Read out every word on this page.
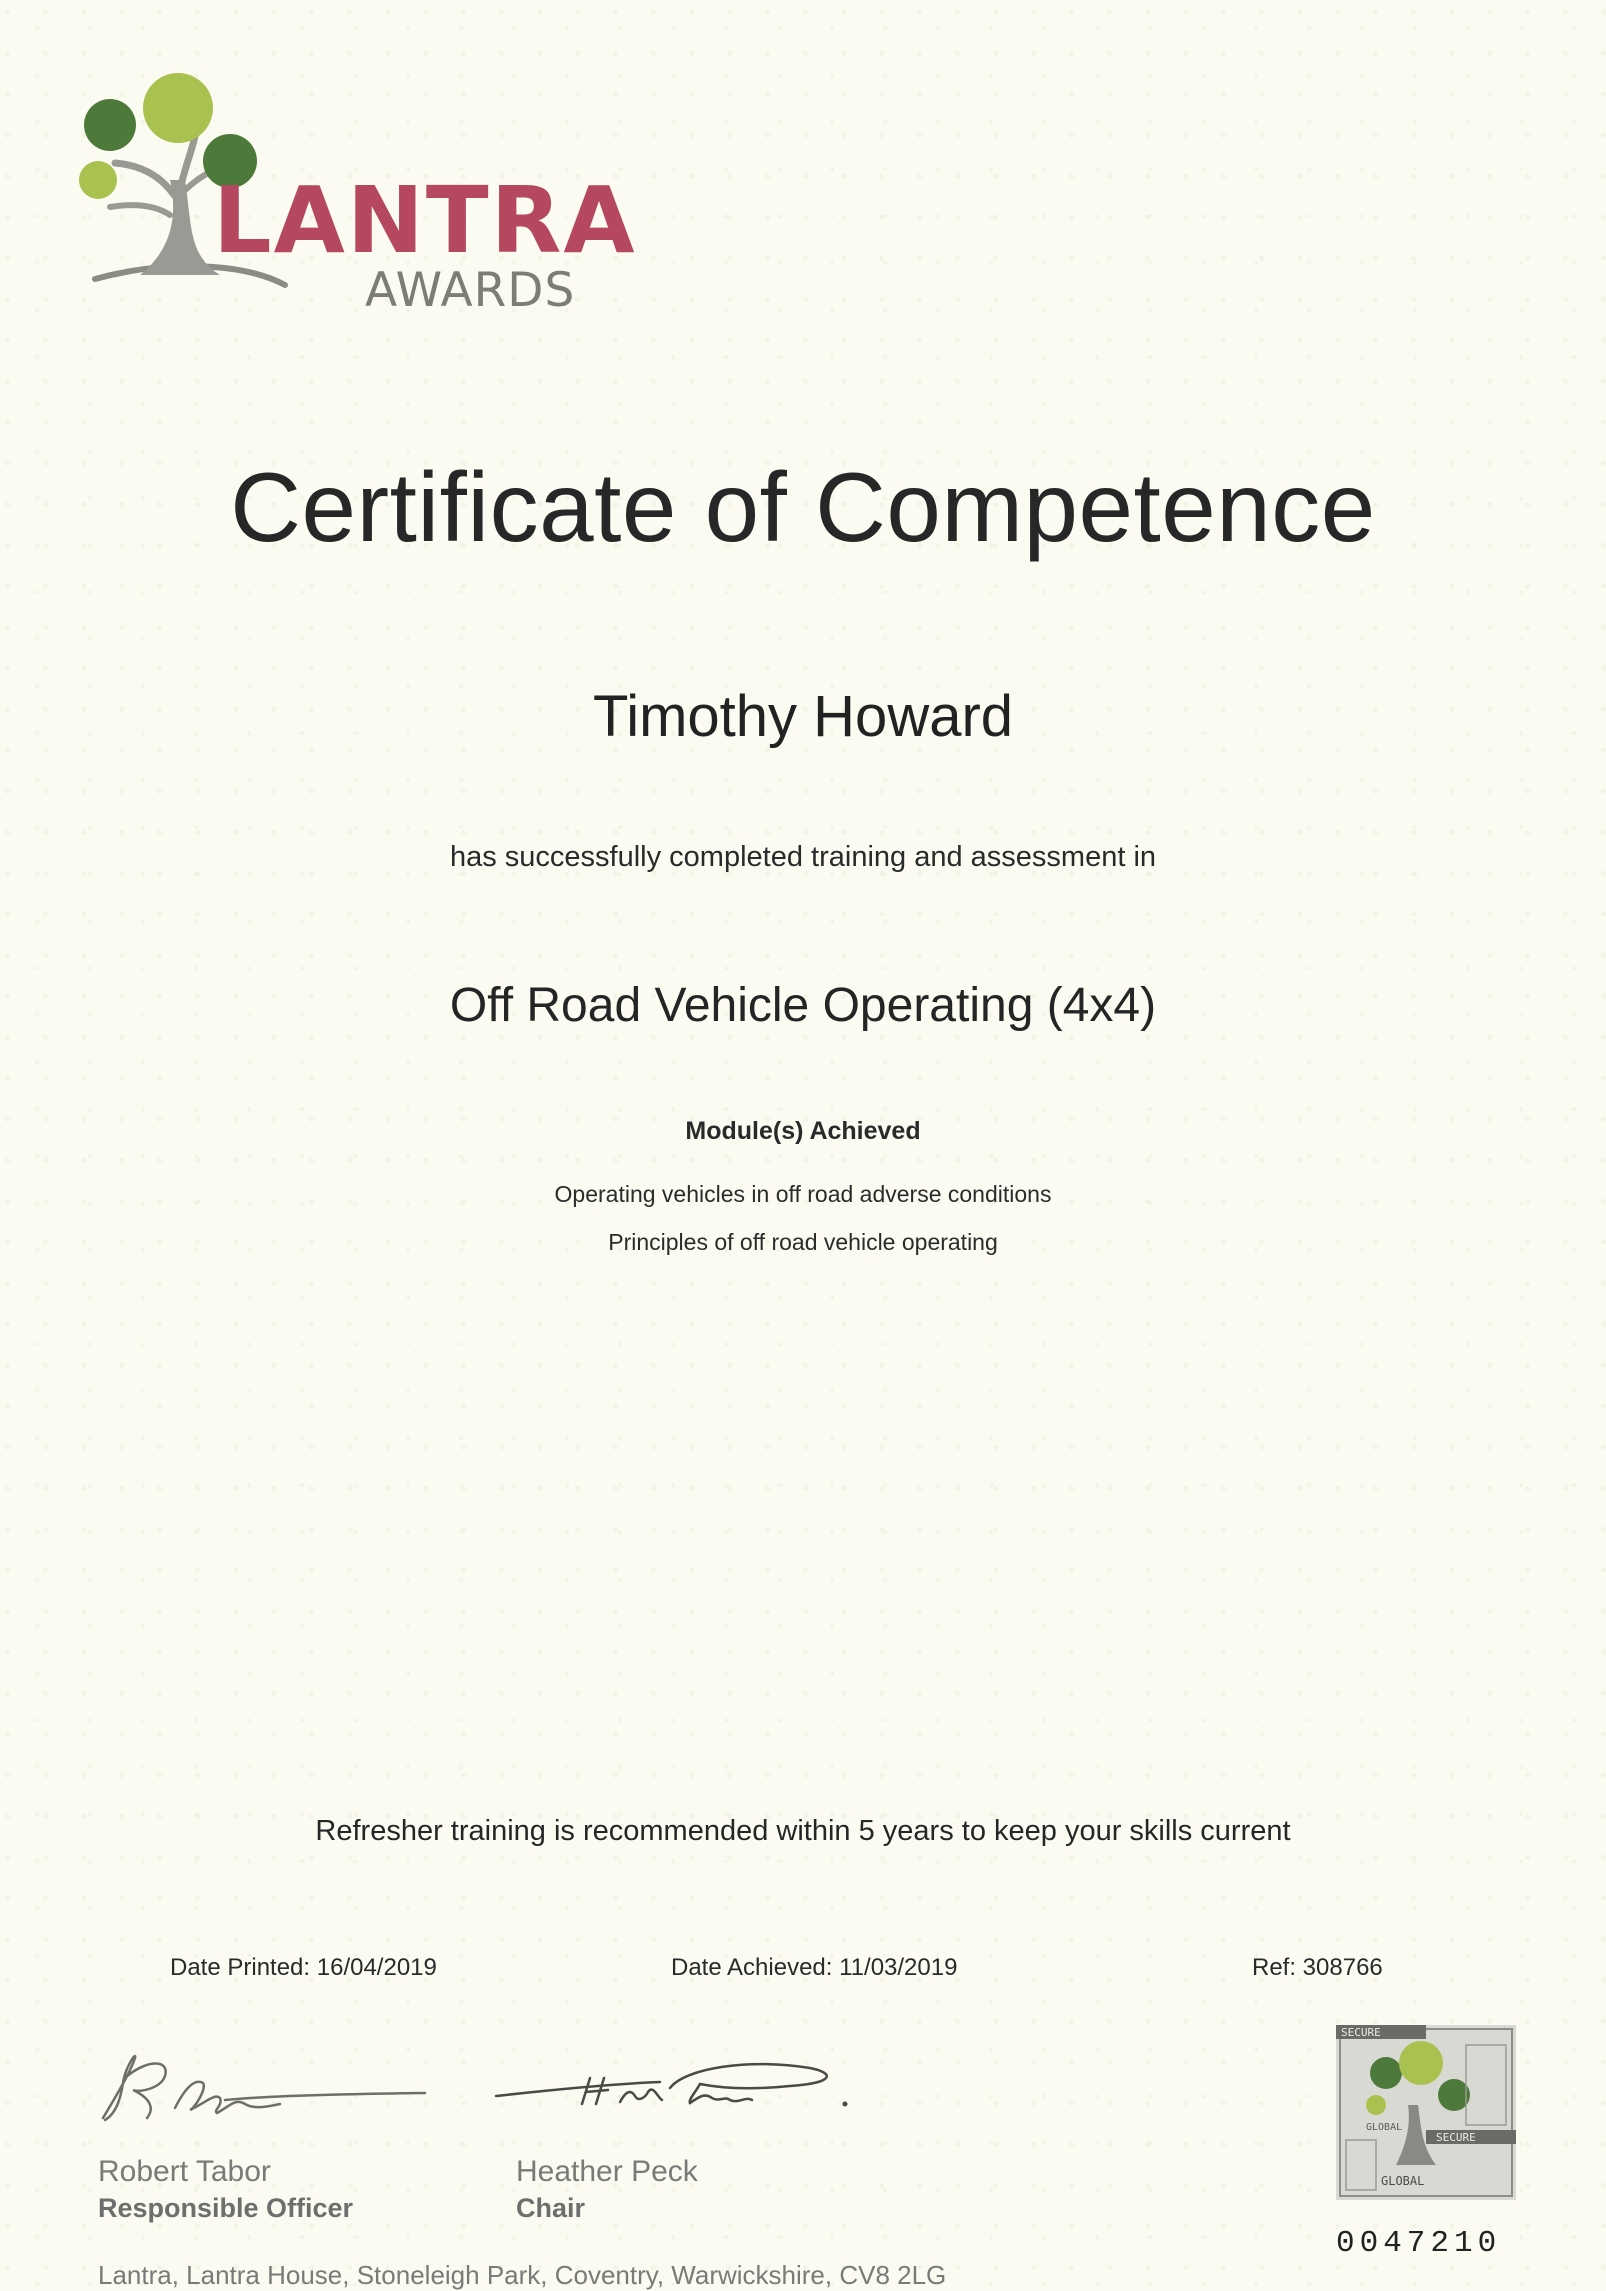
LANTRA
AWARDS
Certificate of Competence
Timothy Howard
has successfully completed training and assessment in
Off Road Vehicle Operating (4x4)
Module(s) Achieved
Operating vehicles in off road adverse conditions
Principles of off road vehicle operating
Refresher training is recommended within 5 years to keep your skills current
Date Printed: 16/04/2019	Date Achieved: 11/03/2019	Ref: 308766
Robert Tabor
Responsible Officer
Heather Peck
Chair
SECURE
SECURE
GLOBAL
GLOBAL
0047210
Lantra, Lantra House, Stoneleigh Park, Coventry, Warwickshire, CV8 2LG
